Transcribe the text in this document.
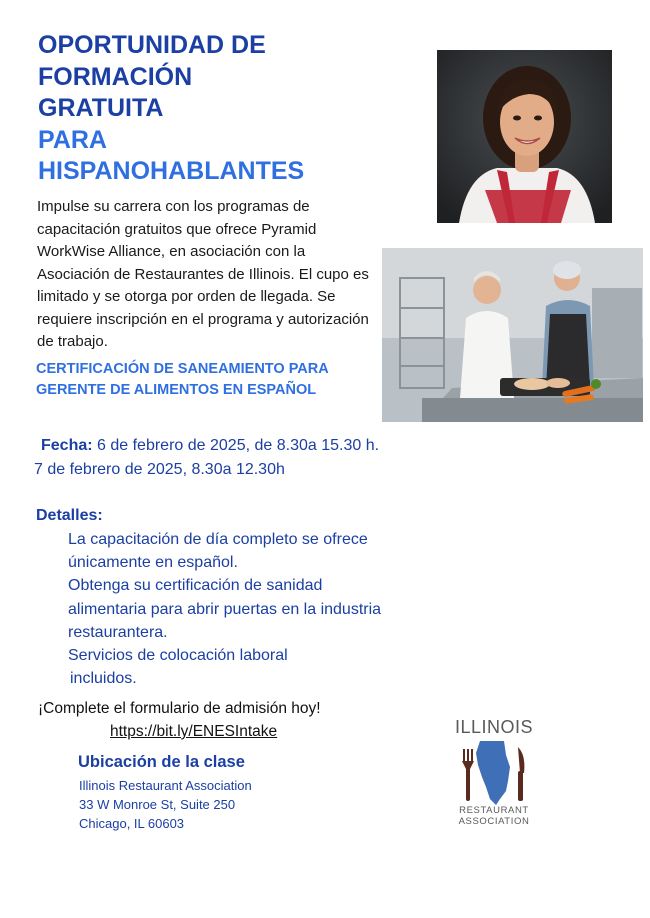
OPORTUNIDAD DE
FORMACIÓN
GRATUITA
PARA
HISPANOHABLANTES

Impulse su carrera con los programas de capacitación gratuitos que ofrece Pyramid WorkWise Alliance, en asociación con la Asociación de Restaurantes de Illinois. El cupo es limitado y se otorga por orden de llegada. Se requiere inscripción en el programa y autorización de trabajo.

CERTIFICACIÓN DE SANEAMIENTO PARA GERENTE DE ALIMENTOS EN ESPAÑOL

Fecha: 6 de febrero de 2025, de 8.30a 15.30 h.
7 de febrero de 2025, 8.30a 12.30h
Detalles:
La capacitación de día completo se ofrece únicamente en español.
Obtenga su certificación de sanidad alimentaria para abrir puertas en la industria restaurantera.
Servicios de colocación laboral
incluidos.
¡Complete el formulario de admisión hoy!
https://bit.ly/ENESIntake
Ubicación de la clase
Illinois Restaurant Association
33 W Monroe St, Suite 250
Chicago, IL 60603
ILLINOIS
RESTAURANT
ASSOCIATION
